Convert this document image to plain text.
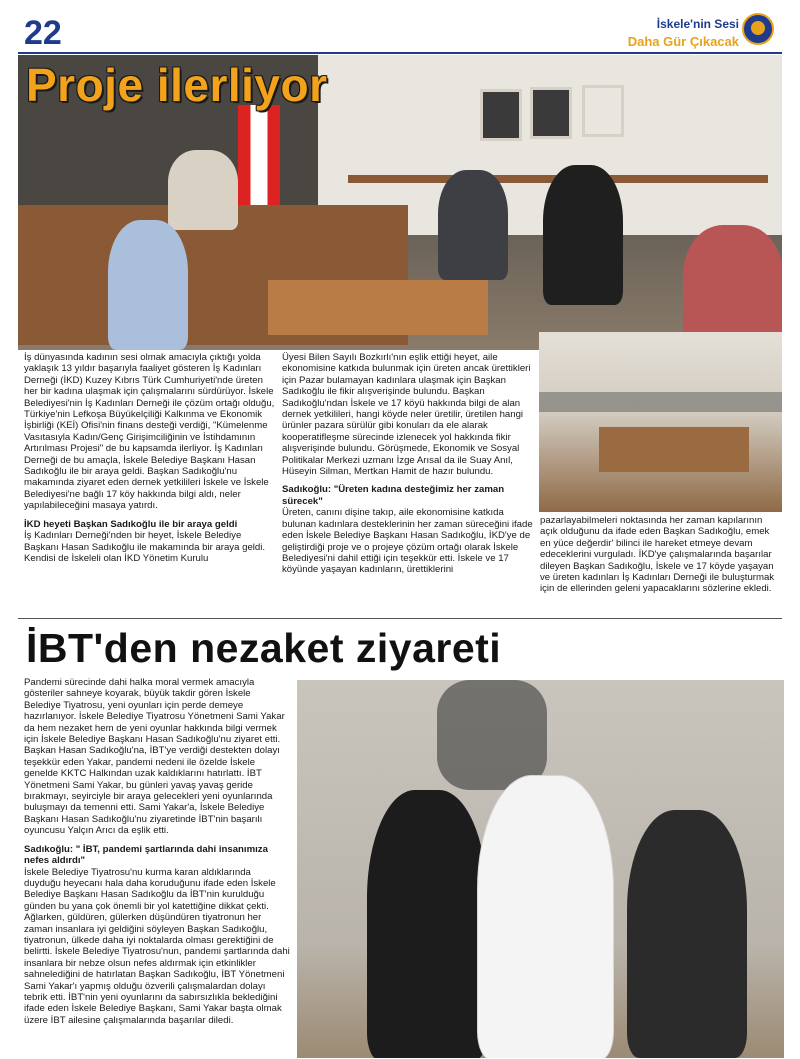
22	İskele'nin Sesi
Daha Gür Çıkacak
Proje ilerliyor

İş dünyasında kadının sesi olmak amacıyla çıktığı yolda yaklaşık 13 yıldır başarıyla faaliyet gösteren İş Kadınları Derneği (İKD) Kuzey Kıbrıs Türk Cumhuriyeti'nde üreten her bir kadına ulaşmak için çalışmalarını sürdürüyor. İskele Belediyesi'nin İş Kadınları Derneği ile çözüm ortağı olduğu, Türkiye'nin Lefkoşa Büyükelçiliği Kalkınma ve Ekonomik İşbirliği (KEİ) Ofisi'nin finans desteği verdiği, "Kümelenme Vasıtasıyla Kadın/Genç Girişimciliğinin ve İstihdamının Artırılması Projesi" de bu kapsamda ilerliyor. İş Kadınları Derneği de bu amaçla, İskele Belediye Başkanı Hasan Sadıkoğlu ile bir araya geldi. Başkan Sadıkoğlu'nu makamında ziyaret eden dernek yetkilileri İskele ve İskele Belediyesi'ne bağlı 17 köy hakkında bilgi aldı, neler yapılabileceğini masaya yatırdı.

İKD heyeti Başkan Sadıkoğlu ile bir araya geldi

İş Kadınları Derneği'nden bir heyet, İskele Belediye Başkanı Hasan Sadıkoğlu ile makamında bir araya geldi. Kendisi de İskeleli olan İKD Yönetim Kurulu

Üyesi Bilen Sayılı Bozkırlı'nın eşlik ettiği heyet, aile ekonomisine katkıda bulunmak için üreten ancak ürettikleri için Pazar bulamayan kadınlara ulaşmak için Başkan Sadıkoğlu ile fikir alışverişinde bulundu. Başkan Sadıkoğlu'ndan İskele ve 17 köyü hakkında bilgi de alan dernek yetkilileri, hangi köyde neler üretilir, üretilen hangi ürünler pazara sürülür gibi konuları da ele alarak kooperatifleşme sürecinde izlenecek yol hakkında fikir alışverişinde bulundu. Görüşmede, Ekonomik ve Sosyal Politikalar Merkezi uzmanı İzge Arısal da ile Suay Anıl, Hüseyin Silman, Mertkan Hamit de hazır bulundu.

Sadıkoğlu: "Üreten kadına desteğimiz her zaman sürecek"

Üreten, canını dişine takıp, aile ekonomisine katkıda bulunan kadınlara desteklerinin her zaman süreceğini ifade eden İskele Belediye Başkanı Hasan Sadıkoğlu, İKD'ye de geliştirdiği proje ve o projeye çözüm ortağı olarak İskele Belediyesi'ni dahil ettiği için teşekkür etti. İskele ve 17 köyünde yaşayan kadınların, ürettiklerini

pazarlayabilmeleri noktasında her zaman kapılarının açık olduğunu da ifade eden Başkan Sadıkoğlu, emek en yüce değerdir' bilinci ile hareket etmeye devam edeceklerini vurguladı. İKD'ye çalışmalarında başarılar dileyen Başkan Sadıkoğlu, İskele ve 17 köyde yaşayan ve üreten kadınları İş Kadınları Derneği ile buluşturmak için de ellerinden geleni yapacaklarını sözlerine ekledi.

İBT'den nezaket ziyareti

Pandemi sürecinde dahi halka moral vermek amacıyla gösteriler sahneye koyarak, büyük takdir gören İskele Belediye Tiyatrosu, yeni oyunları için perde demeye hazırlanıyor. İskele Belediye Tiyatrosu Yönetmeni Sami Yakar da hem nezaket hem de yeni oyunlar hakkında bilgi vermek için İskele Belediye Başkanı Hasan Sadıkoğlu'nu ziyaret etti. Başkan Hasan Sadıkoğlu'na, İBT'ye verdiği destekten dolayı teşekkür eden Yakar, pandemi nedeni ile özelde İskele genelde KKTC Halkından uzak kaldıklarını hatırlattı. İBT Yönetmeni Sami Yakar, bu günleri yavaş yavaş geride bırakmayı, seyirciyle bir araya gelecekleri yeni oyunlarında buluşmayı da temenni etti. Sami Yakar'a, İskele Belediye Başkanı Hasan Sadıkoğlu'nu ziyaretinde İBT'nin başarılı oyuncusu Yalçın Arıcı da eşlik etti.

Sadıkoğlu: " İBT, pandemi şartlarında dahi insanımıza nefes aldırdı"

İskele Belediye Tiyatrosu'nu kurma karan aldıklarında duyduğu heyecanı hala daha koruduğunu ifade eden İskele Belediye Başkanı Hasan Sadıkoğlu da İBT'nin kurulduğu günden bu yana çok önemli bir yol katettiğine dikkat çekti. Ağlarken, güldüren, gülerken düşündüren tiyatronun her zaman insanlara iyi geldiğini söyleyen Başkan Sadıkoğlu, tiyatronun, ülkede daha iyi noktalarda olması gerektiğini de belirtti. İskele Belediye Tiyatrosu'nun, pandemi şartlarında dahi insanlara bir nebze olsun nefes aldırmak için etkinlikler sahnelediğini de hatırlatan Başkan Sadıkoğlu, İBT Yönetmeni Sami Yakar'ı yapmış olduğu özverili çalışmalardan dolayı tebrik etti. İBT'nin yeni oyunlarını da sabırsızlıkla beklediğini ifade eden İskele Belediye Başkanı, Sami Yakar başta olmak üzere İBT ailesine çalışmalarında başarılar diledi.
